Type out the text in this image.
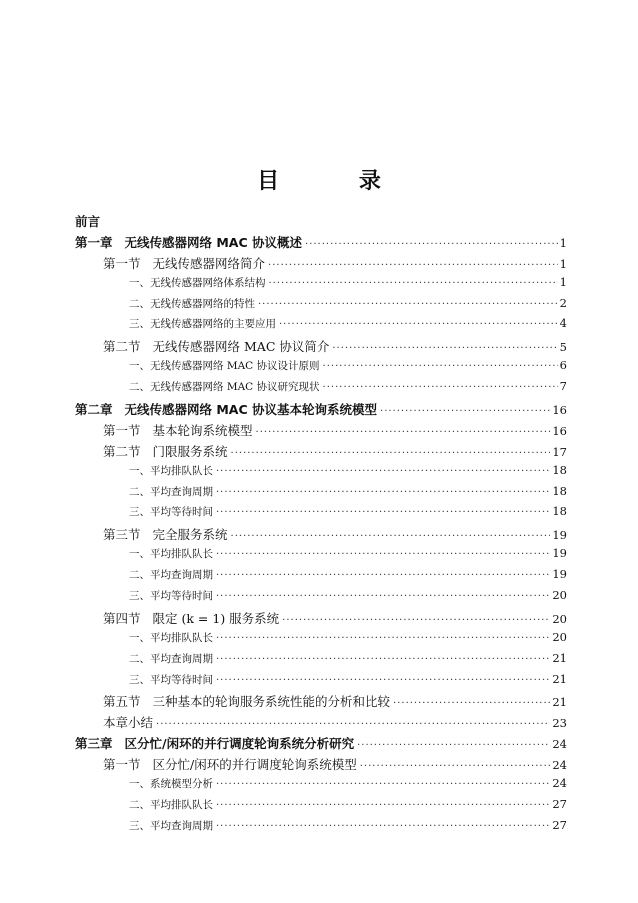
目 录
前言
第一章 无线传感器网络 MAC 协议概述 ·····	1
第一节 无线传感器网络简介 ·····	1
一、无线传感器网络体系结构 ·····	1
二、无线传感器网络的特性 ·····	2
三、无线传感器网络的主要应用 ·····	4
第二节 无线传感器网络 MAC 协议简介 ·····	5
一、无线传感器网络 MAC 协议设计原则 ·····	6
二、无线传感器网络 MAC 协议研究现状 ·····	7
第二章 无线传感器网络 MAC 协议基本轮询系统模型 ·····	16
第一节 基本轮询系统模型 ·····	16
第二节 门限服务系统 ·····	17
一、平均排队队长 ·····	18
二、平均查询周期 ·····	18
三、平均等待时间 ·····	18
第三节 完全服务系统 ·····	19
一、平均排队队长 ·····	19
二、平均查询周期 ·····	19
三、平均等待时间 ·····	20
第四节 限定 (k = 1) 服务系统 ·····	20
一、平均排队队长 ·····	20
二、平均查询周期 ·····	21
三、平均等待时间 ·····	21
第五节 三种基本的轮询服务系统性能的分析和比较 ·····	21
本章小结 ·····	23
第三章 区分忙/闲环的并行调度轮询系统分析研究 ·····	24
第一节 区分忙/闲环的并行调度轮询系统模型 ·····	24
一、系统模型分析 ·····	24
二、平均排队队长 ·····	27
三、平均查询周期 ·····	27
